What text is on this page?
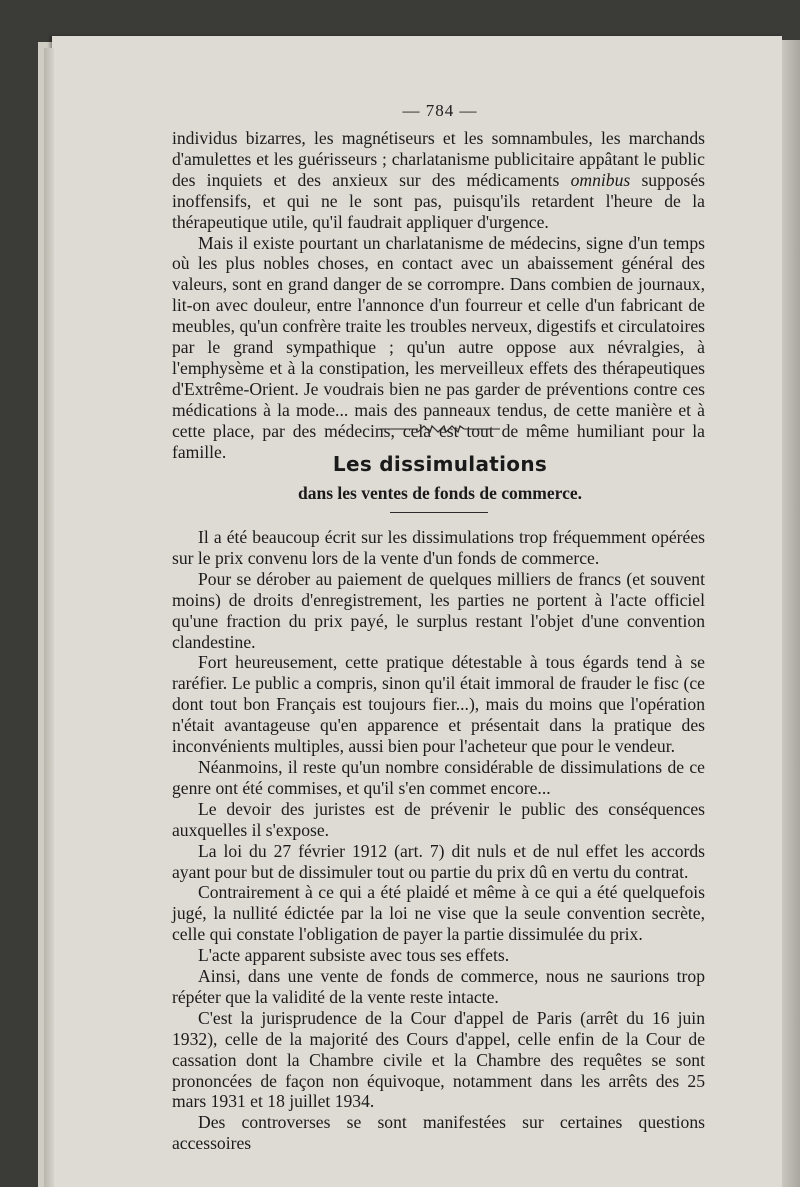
— 784 —

individus bizarres, les magnétiseurs et les somnambules, les marchands d'amulettes et les guérisseurs ; charlatanisme publicitaire appâtant le public des inquiets et des anxieux sur des médicaments omnibus supposés inoffensifs, et qui ne le sont pas, puisqu'ils retardent l'heure de la thérapeutique utile, qu'il faudrait appliquer d'urgence.

Mais il existe pourtant un charlatanisme de médecins, signe d'un temps où les plus nobles choses, en contact avec un abaissement général des valeurs, sont en grand danger de se corrompre. Dans combien de journaux, lit-on avec douleur, entre l'annonce d'un fourreur et celle d'un fabricant de meubles, qu'un confrère traite les troubles nerveux, digestifs et circulatoires par le grand sympathique ; qu'un autre oppose aux névralgies, à l'emphysème et à la constipation, les merveilleux effets des thérapeutiques d'Extrême-Orient. Je voudrais bien ne pas garder de préventions contre ces médications à la mode... mais des panneaux tendus, de cette manière et à cette place, par des médecins, cela est tout de même humiliant pour la famille.

Les dissimulations
dans les ventes de fonds de commerce.

Il a été beaucoup écrit sur les dissimulations trop fréquemment opérées sur le prix convenu lors de la vente d'un fonds de commerce.

Pour se dérober au paiement de quelques milliers de francs (et souvent moins) de droits d'enregistrement, les parties ne portent à l'acte officiel qu'une fraction du prix payé, le surplus restant l'objet d'une convention clandestine.

Fort heureusement, cette pratique détestable à tous égards tend à se raréfier. Le public a compris, sinon qu'il était immoral de frauder le fisc (ce dont tout bon Français est toujours fier...), mais du moins que l'opération n'était avantageuse qu'en apparence et présentait dans la pratique des inconvénients multiples, aussi bien pour l'acheteur que pour le vendeur.

Néanmoins, il reste qu'un nombre considérable de dissimulations de ce genre ont été commises, et qu'il s'en commet encore...

Le devoir des juristes est de prévenir le public des conséquences auxquelles il s'expose.

La loi du 27 février 1912 (art. 7) dit nuls et de nul effet les accords ayant pour but de dissimuler tout ou partie du prix dû en vertu du contrat.

Contrairement à ce qui a été plaidé et même à ce qui a été quelquefois jugé, la nullité édictée par la loi ne vise que la seule convention secrète, celle qui constate l'obligation de payer la partie dissimulée du prix.

L'acte apparent subsiste avec tous ses effets.

Ainsi, dans une vente de fonds de commerce, nous ne saurions trop répéter que la validité de la vente reste intacte.

C'est la jurisprudence de la Cour d'appel de Paris (arrêt du 16 juin 1932), celle de la majorité des Cours d'appel, celle enfin de la Cour de cassation dont la Chambre civile et la Chambre des requêtes se sont prononcées de façon non équivoque, notamment dans les arrêts des 25 mars 1931 et 18 juillet 1934.

Des controverses se sont manifestées sur certaines questions accessoires
